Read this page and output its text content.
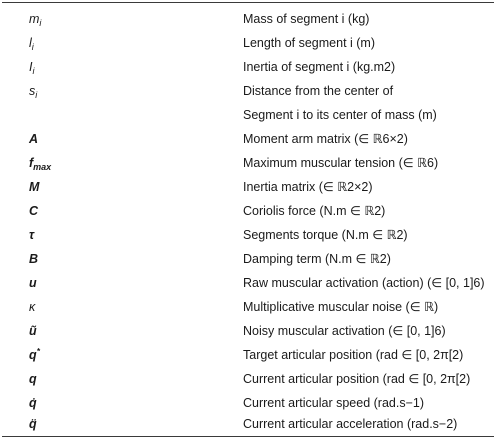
$m_i$	Mass of segment i (kg)
$l_i$	Length of segment i (m)
$I_i$	Inertia of segment i (kg.m2)
$s_i$	Distance from the center of
Segment i to its center of mass (m)
A	Moment arm matrix (∈ ℝ6×2)
$f_{max}$	Maximum muscular tension (∈ ℝ6)
M	Inertia matrix (∈ ℝ2×2)
C	Coriolis force (N.m ∈ ℝ2)
τ	Segments torque (N.m ∈ ℝ2)
B	Damping term (N.m ∈ ℝ2)
u	Raw muscular activation (action) (∈ [0, 1]6)
κ	Multiplicative muscular noise (∈ ℝ)
ũ	Noisy muscular activation (∈ [0, 1]6)
q*	Target articular position (rad ∈ [0, 2π[2)
q	Current articular position (rad ∈ [0, 2π[2)
q̇	Current articular speed (rad.s−1)
q̈	Current articular acceleration (rad.s−2)
